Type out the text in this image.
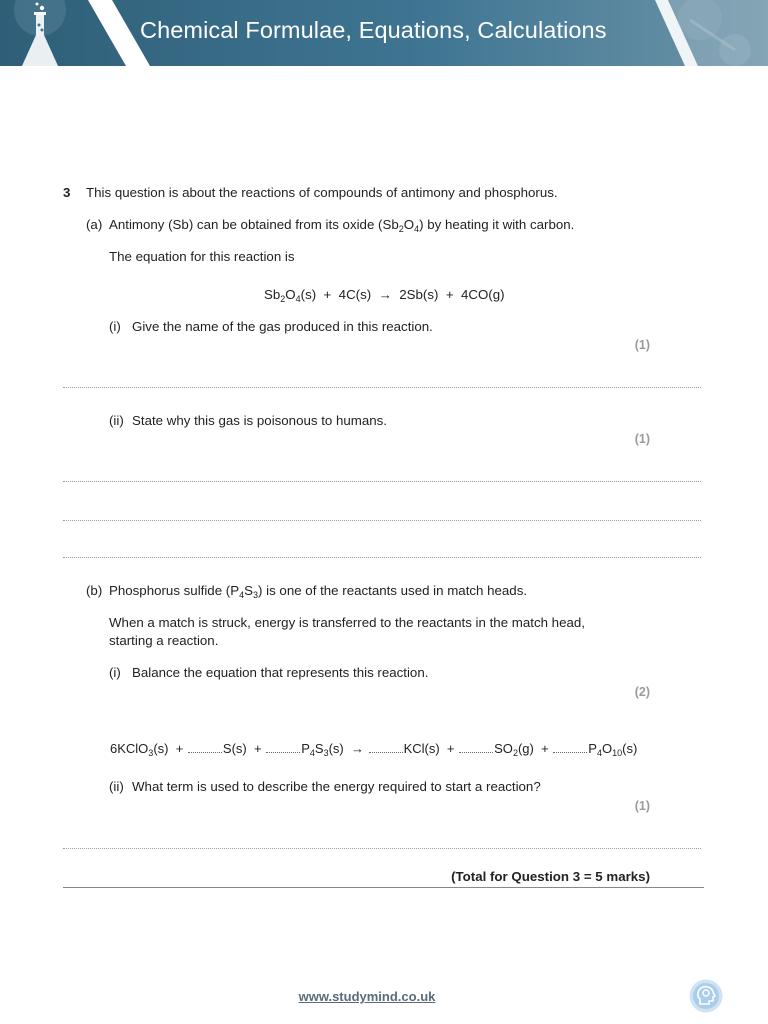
Chemical Formulae, Equations, Calculations
3 This question is about the reactions of compounds of antimony and phosphorus.
(a) Antimony (Sb) can be obtained from its oxide $(Sb_2O_4)$ by heating it with carbon.
The equation for this reaction is
$Sb_2O_4(s) + 4C(s) \to 2Sb(s) + 4CO(g)$
(i) Give the name of the gas produced in this reaction.
(1)
(ii) State why this gas is poisonous to humans.
(1)
(b) Phosphorus sulfide $(P_4S_3)$ is one of the reactants used in match heads.
When a match is struck, energy is transferred to the reactants in the match head,
starting a reaction.
(i) Balance the equation that represents this reaction.
(2)
6KClO$_3$(s)  +	S(s)  +	$P_4S_3(s)$  →	KCl(s)  +	$SO_2(g)$  +	$P_4O_{10}(s)$
(ii) What term is used to describe the energy required to start a reaction?
(1)
(Total for Question 3 = 5 marks)
www.studymind.co.uk
